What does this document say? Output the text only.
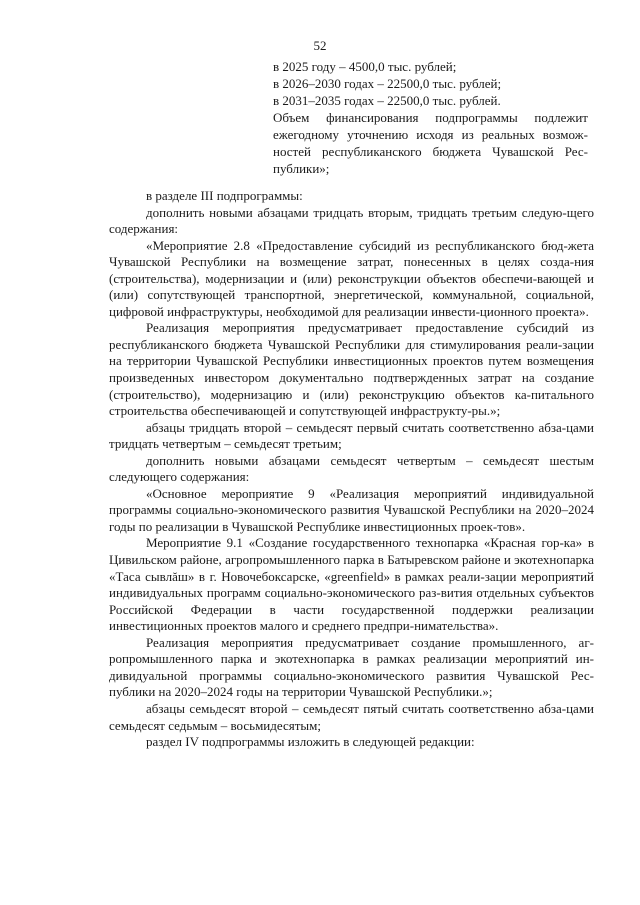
52
в 2025 году – 4500,0 тыс. рублей;
в 2026–2030 годах – 22500,0 тыс. рублей;
в 2031–2035 годах – 22500,0 тыс. рублей.
Объем финансирования подпрограммы подлежит
ежегодному уточнению исходя из реальных возмож-
ностей республиканского бюджета Чувашской Рес-
публики»;

в разделе III подпрограммы:

дополнить новыми абзацами тридцать вторым, тридцать третьим следую-щего содержания:

«Мероприятие 2.8 «Предоставление субсидий из республиканского бюд-жета Чувашской Республики на возмещение затрат, понесенных в целях созда-ния (строительства), модернизации и (или) реконструкции объектов обеспечи-вающей и (или) сопутствующей транспортной, энергетической, коммунальной, социальной, цифровой инфраструктуры, необходимой для реализации инвести-ционного проекта».

Реализация мероприятия предусматривает предоставление субсидий из республиканского бюджета Чувашской Республики для стимулирования реали-зации на территории Чувашской Республики инвестиционных проектов путем возмещения произведенных инвестором документально подтвержденных затрат на создание (строительство), модернизацию и (или) реконструкцию объектов ка-питального строительства обеспечивающей и сопутствующей инфраструкту-ры.»;

абзацы тридцать второй – семьдесят первый считать соответственно абза-цами тридцать четвертым – семьдесят третьим;

дополнить новыми абзацами семьдесят четвертым – семьдесят шестым следующего содержания:

«Основное мероприятие 9 «Реализация мероприятий индивидуальной программы социально-экономического развития Чувашской Республики на 2020–2024 годы по реализации в Чувашской Республике инвестиционных проек-тов».

Мероприятие 9.1 «Создание государственного технопарка «Красная гор-ка» в Цивильском районе, агропромышленного парка в Батыревском районе и экотехнопарка «Таса сывлăш» в г. Новочебоксарске, «greenfield» в рамках реали-зации мероприятий индивидуальных программ социально-экономического раз-вития отдельных субъектов Российской Федерации в части государственной поддержки реализации инвестиционных проектов малого и среднего предпри-нимательства».

Реализация мероприятия предусматривает создание промышленного, аг-ропромышленного парка и экотехнопарка в рамках реализации мероприятий ин-дивидуальной программы социально-экономического развития Чувашской Рес-публики на 2020–2024 годы на территории Чувашской Республики.»;

абзацы семьдесят второй – семьдесят пятый считать соответственно абза-цами семьдесят седьмым – восьмидесятым;

раздел IV подпрограммы изложить в следующей редакции:
